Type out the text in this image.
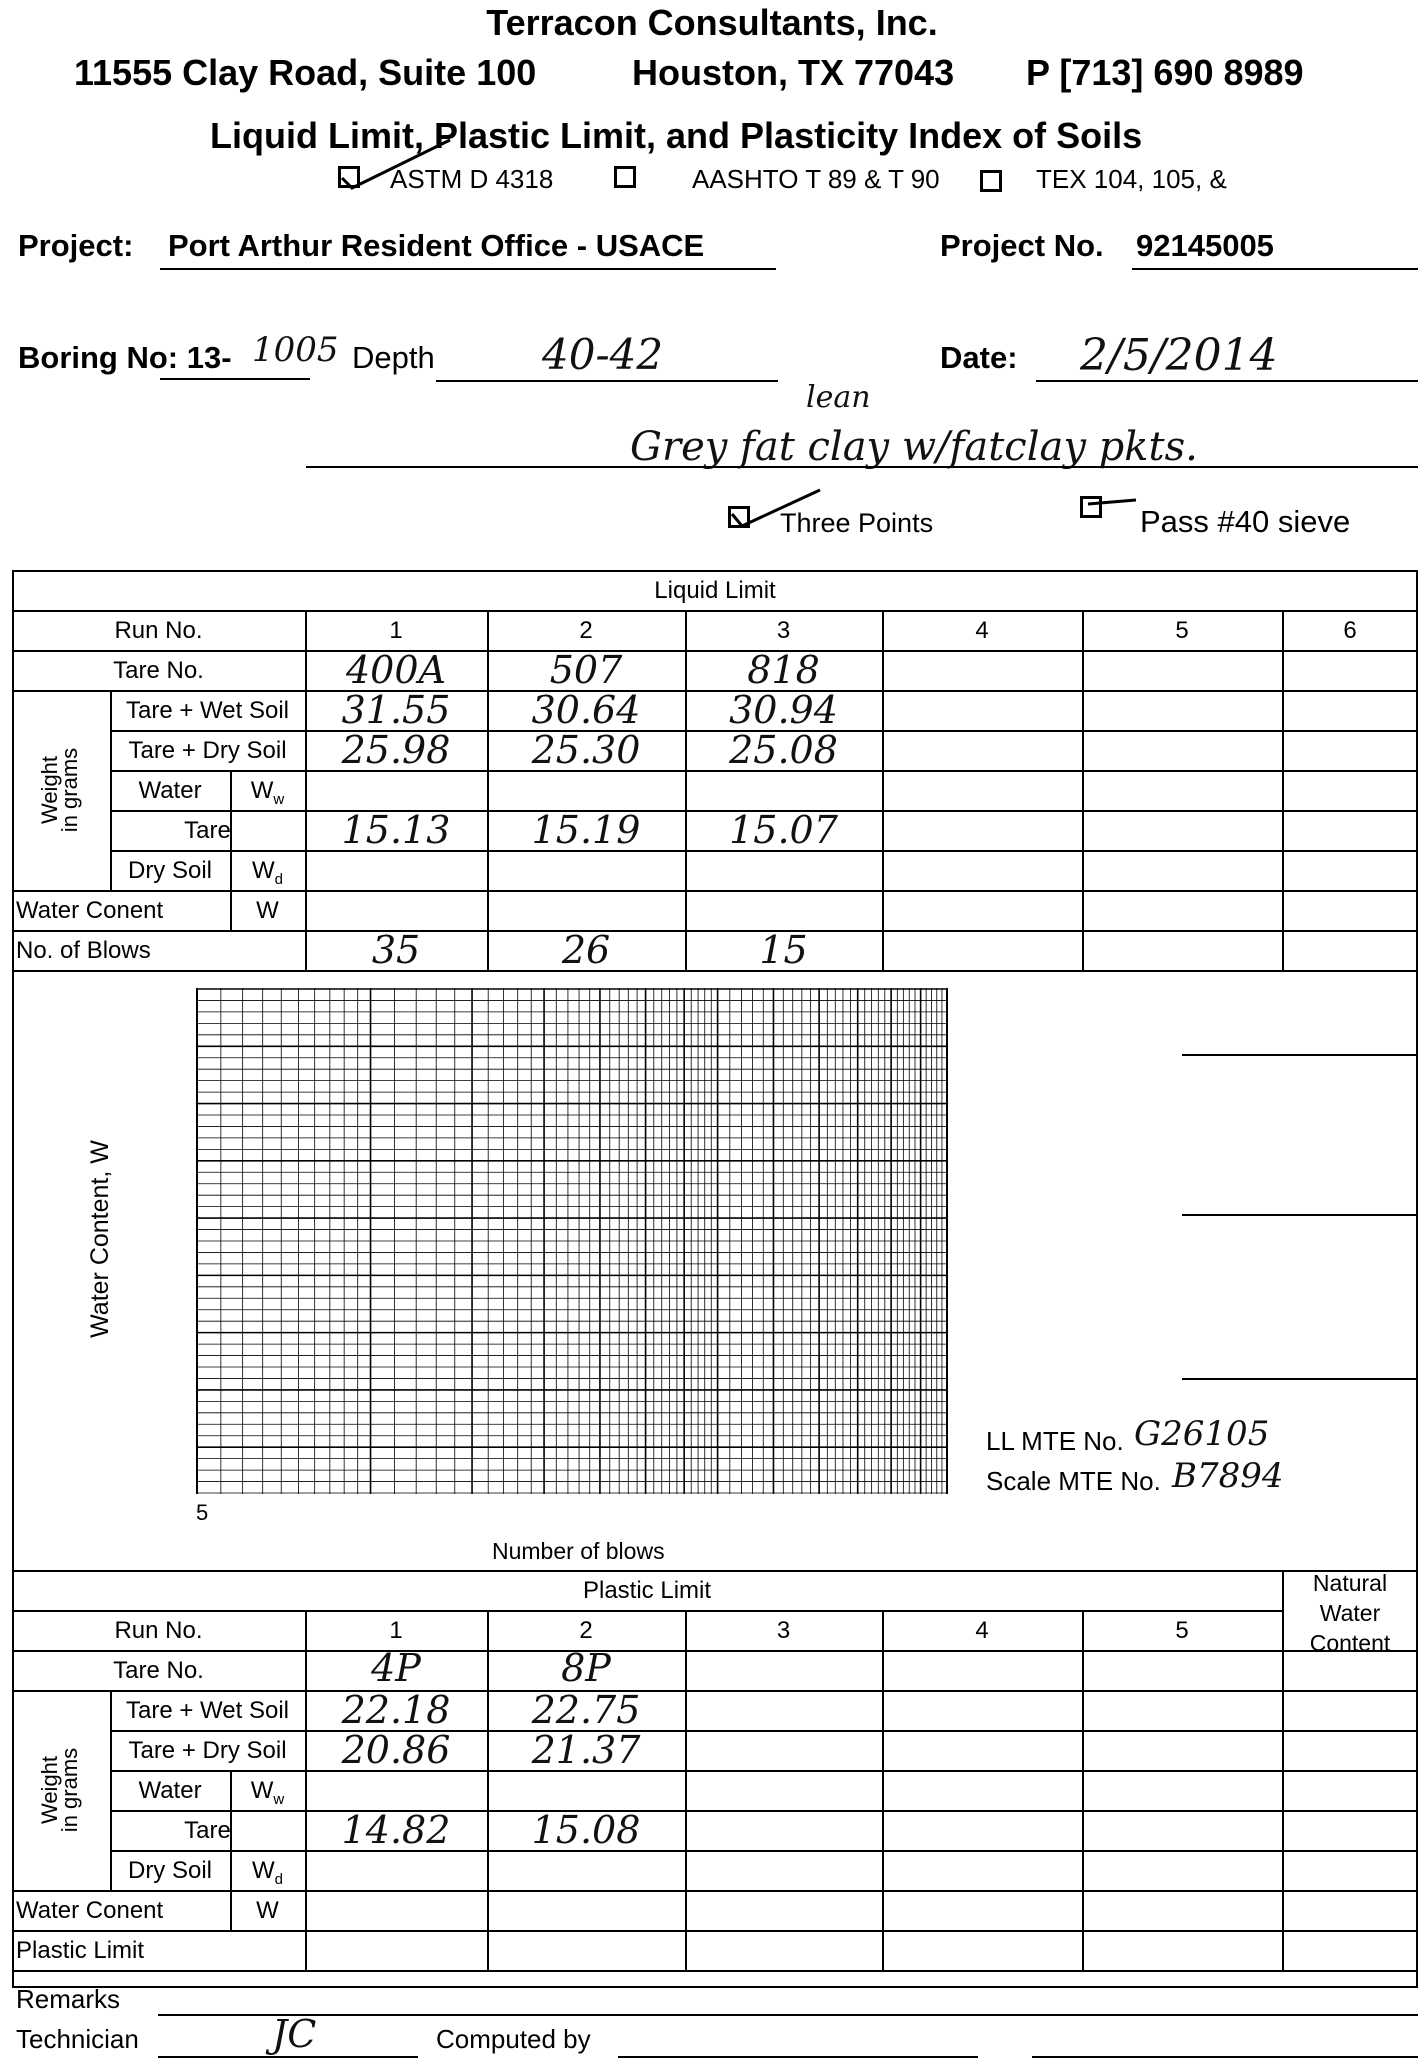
Terracon Consultants, Inc.
11555 Clay Road, Suite 100	Houston, TX 77043 P [713] 690 8989
Liquid Limit, Plastic Limit, and Plasticity Index of Soils
ASTM D 4318	AASHTO T 89 & T 90	TEX 104, 105, &
Project: Port Arthur Resident Office - USACE	Project No. 92145005
Boring No: 13- 1005 Depth	40-42	Date: 2/5/2014
lean
Grey fat clay w/fatclay pkts.
Three Points	Pass #40 sieve
Liquid Limit
Run No.	1	2	3	4	5	6
Tare No.	400A	507	818
Weight
in grams
Tare + Wet Soil	31.55	30.64	30.94
Tare + Dry Soil	25.98	25.30	25.08
Water	$W_w$
Tare	15.13	15.19	15.07
Dry Soil	$W_d$
Water Conent	W
No. of Blows	35	26	15
Water Content, W
5
Number of blows
LL MTE No. G26105
Scale MTE No. B7894
Plastic Limit	Natural
Water
Content
Run No.	1	2	3	4	5
Tare No.	4P	8P
Weight
in grams
Tare + Wet Soil	22.18	22.75
Tare + Dry Soil	20.86	21.37
Water	$W_w$
Tare	14.82	15.08
Dry Soil	$W_d$
Water Conent	W
Plastic Limit
Remarks
Technician	JC	Computed by
